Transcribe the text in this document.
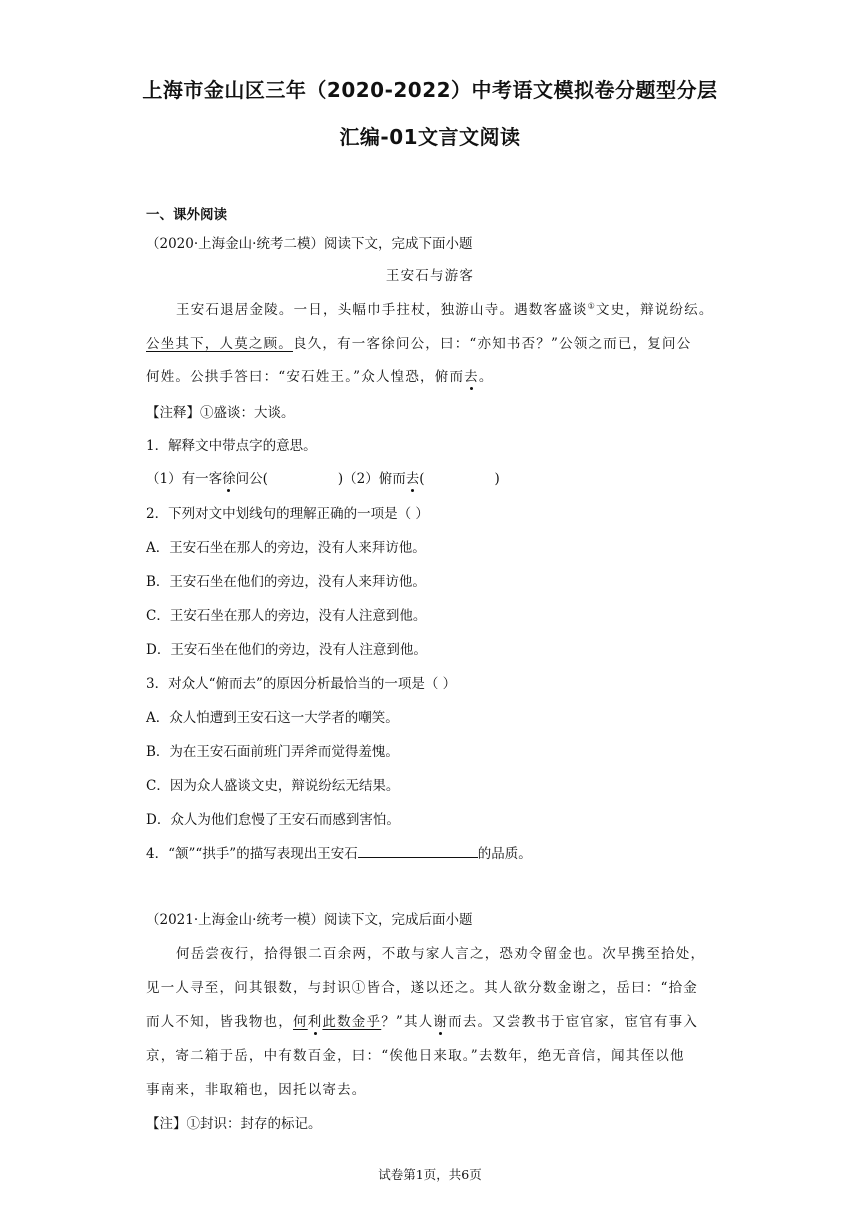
上海市金山区三年（2020-2022）中考语文模拟卷分题型分层
汇编-01文言文阅读
一、课外阅读
（2020·上海金山·统考二模）阅读下文，完成下面小题
王安石与游客
王安石退居金陵。一日，头幅巾手拄杖，独游山寺。遇数客盛谈①文史，辩说纷纭。
公坐其下，人莫之顾。良久，有一客徐问公，曰：“亦知书否？”公领之而已，复问公
何姓。公拱手答曰：“安石姓王。”众人惶恐，俯而去。
【注释】①盛谈：大谈。
1．解释文中带点字的意思。
（1）有一客徐问公(	)（2）俯而去(	)
2．下列对文中划线句的理解正确的一项是（ ）
A．王安石坐在那人的旁边，没有人来拜访他。
B．王安石坐在他们的旁边，没有人来拜访他。
C．王安石坐在那人的旁边，没有人注意到他。
D．王安石坐在他们的旁边，没有人注意到他。
3．对众人“俯而去”的原因分析最恰当的一项是（ ）
A．众人怕遭到王安石这一大学者的嘲笑。
B．为在王安石面前班门弄斧而觉得羞愧。
C．因为众人盛谈文史，辩说纷纭无结果。
D．众人为他们怠慢了王安石而感到害怕。
4．“颔”“拱手”的描写表现出王安石	的品质。
（2021·上海金山·统考一模）阅读下文，完成后面小题
何岳尝夜行，拾得银二百余两，不敢与家人言之，恐劝令留金也。次早携至拾处，
见一人寻至，问其银数，与封识①皆合，遂以还之。其人欲分数金谢之，岳曰：“拾金
而人不知，皆我物也，何利此数金乎？”其人谢而去。又尝教书于宦官家，宦官有事入
京，寄二箱于岳，中有数百金，曰：“俟他日来取。”去数年，绝无音信，闻其侄以他
事南来，非取箱也，因托以寄去。
【注】①封识：封存的标记。
试卷第1页，共6页
